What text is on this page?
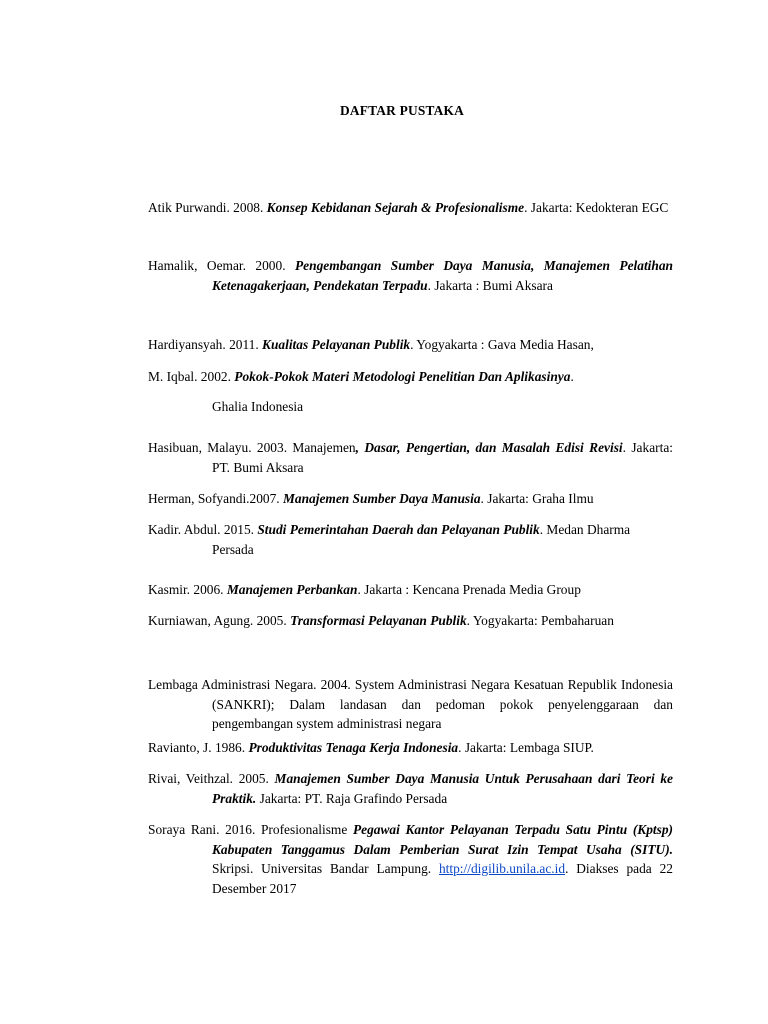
DAFTAR PUSTAKA
Atik Purwandi. 2008. Konsep Kebidanan Sejarah & Profesionalisme. Jakarta: Kedokteran EGC
Hamalik, Oemar. 2000. Pengembangan Sumber Daya Manusia, Manajemen Pelatihan Ketenagakerjaan, Pendekatan Terpadu. Jakarta : Bumi Aksara
Hardiyansyah. 2011. Kualitas Pelayanan Publik. Yogyakarta : Gava Media Hasan,
M. Iqbal. 2002. Pokok-Pokok Materi Metodologi Penelitian Dan Aplikasinya. Ghalia Indonesia
Hasibuan, Malayu. 2003. Manajemen, Dasar, Pengertian, dan Masalah Edisi Revisi. Jakarta: PT. Bumi Aksara
Herman, Sofyandi.2007. Manajemen Sumber Daya Manusia. Jakarta: Graha Ilmu
Kadir. Abdul. 2015. Studi Pemerintahan Daerah dan Pelayanan Publik. Medan Dharma Persada
Kasmir. 2006. Manajemen Perbankan. Jakarta : Kencana Prenada Media Group
Kurniawan, Agung. 2005. Transformasi Pelayanan Publik. Yogyakarta: Pembaharuan
Lembaga Administrasi Negara. 2004. System Administrasi Negara Kesatuan Republik Indonesia (SANKRI); Dalam landasan dan pedoman pokok penyelenggaraan dan pengembangan system administrasi negara
Ravianto, J. 1986. Produktivitas Tenaga Kerja Indonesia. Jakarta: Lembaga SIUP.
Rivai, Veithzal. 2005. Manajemen Sumber Daya Manusia Untuk Perusahaan dari Teori ke Praktik. Jakarta: PT. Raja Grafindo Persada
Soraya Rani. 2016. Profesionalisme Pegawai Kantor Pelayanan Terpadu Satu Pintu (Kptsp) Kabupaten Tanggamus Dalam Pemberian Surat Izin Tempat Usaha (SITU). Skripsi. Universitas Bandar Lampung. http://digilib.unila.ac.id. Diakses pada 22 Desember 2017
